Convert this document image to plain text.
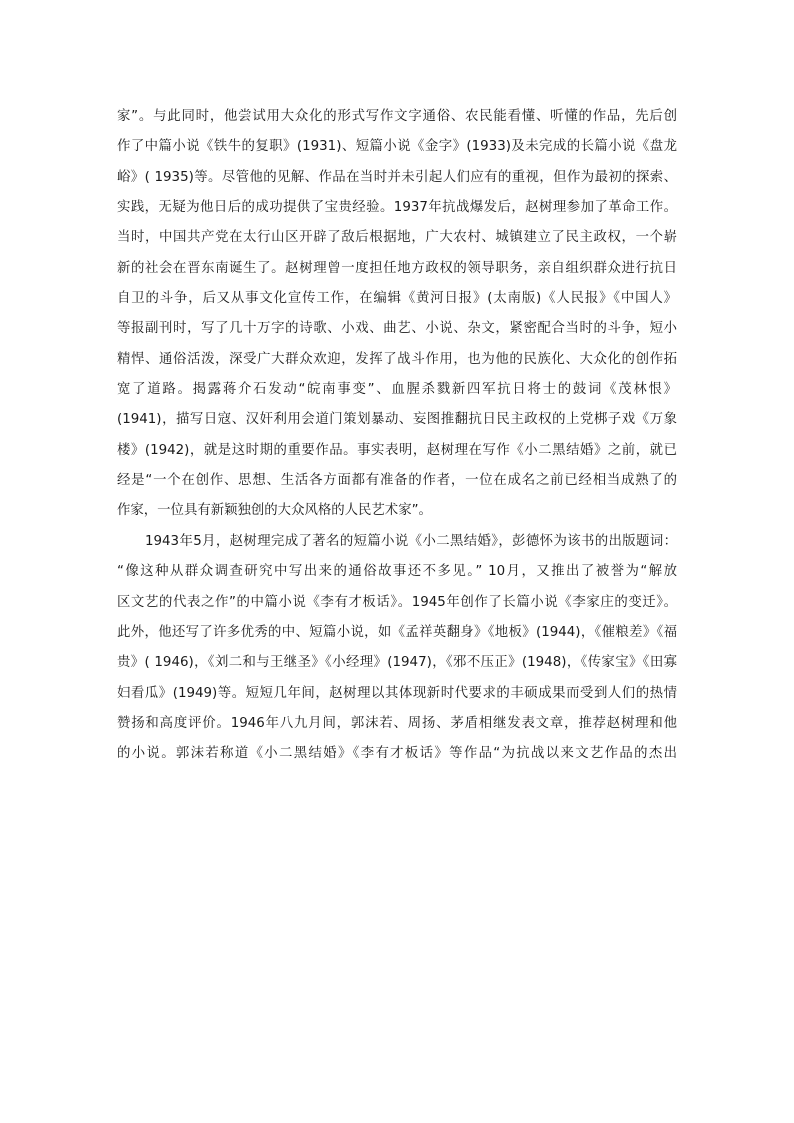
家”。与此同时，他尝试用大众化的形式写作文字通俗、农民能看懂、听懂的作品，先后创
作了中篇小说《铁牛的复职》(1931)、短篇小说《金字》(1933)及未完成的长篇小说《盘龙
峪》( 1935)等。尽管他的见解、作品在当时并未引起人们应有的重视，但作为最初的探索、
实践，无疑为他日后的成功提供了宝贵经验。1937年抗战爆发后，赵树理参加了革命工作。
当时，中国共产党在太行山区开辟了敌后根据地，广大农村、城镇建立了民主政权，一个崭
新的社会在晋东南诞生了。赵树理曾一度担任地方政权的领导职务，亲自组织群众进行抗日
自卫的斗争，后又从事文化宣传工作，在编辑《黄河日报》(太南版)《人民报》《中国人》
等报副刊时，写了几十万字的诗歌、小戏、曲艺、小说、杂文，紧密配合当时的斗争，短小
精悍、通俗活泼，深受广大群众欢迎，发挥了战斗作用，也为他的民族化、大众化的创作拓
宽了道路。揭露蒋介石发动“皖南事变”、血腥杀戮新四军抗日将士的鼓词《茂林恨》
(1941)，描写日寇、汉奸利用会道门策划暴动、妄图推翻抗日民主政权的上党梆子戏《万象
楼》(1942)，就是这时期的重要作品。事实表明，赵树理在写作《小二黑结婚》之前，就已
经是“一个在创作、思想、生活各方面都有准备的作者，一位在成名之前已经相当成熟了的
作家，一位具有新颖独创的大众风格的人民艺术家”。

1943年5月，赵树理完成了著名的短篇小说《小二黑结婚》，彭德怀为该书的出版题词：
“像这种从群众调查研究中写出来的通俗故事还不多见。” 10月，又推出了被誉为“解放
区文艺的代表之作”的中篇小说《李有才板话》。1945年创作了长篇小说《李家庄的变迁》。
此外，他还写了许多优秀的中、短篇小说，如《孟祥英翻身》《地板》(1944)，《催粮差》《福
贵》( 1946)，《刘二和与王继圣》《小经理》(1947)，《邪不压正》(1948)，《传家宝》《田寡
妇看瓜》(1949)等。短短几年间，赵树理以其体现新时代要求的丰硕成果而受到人们的热情
赞扬和高度评价。1946年八九月间，郭沫若、周扬、茅盾相继发表文章，推荐赵树理和他
的小说。郭沫若称道《小二黑结婚》《李有才板话》等作品“为抗战以来文艺作品的杰出
